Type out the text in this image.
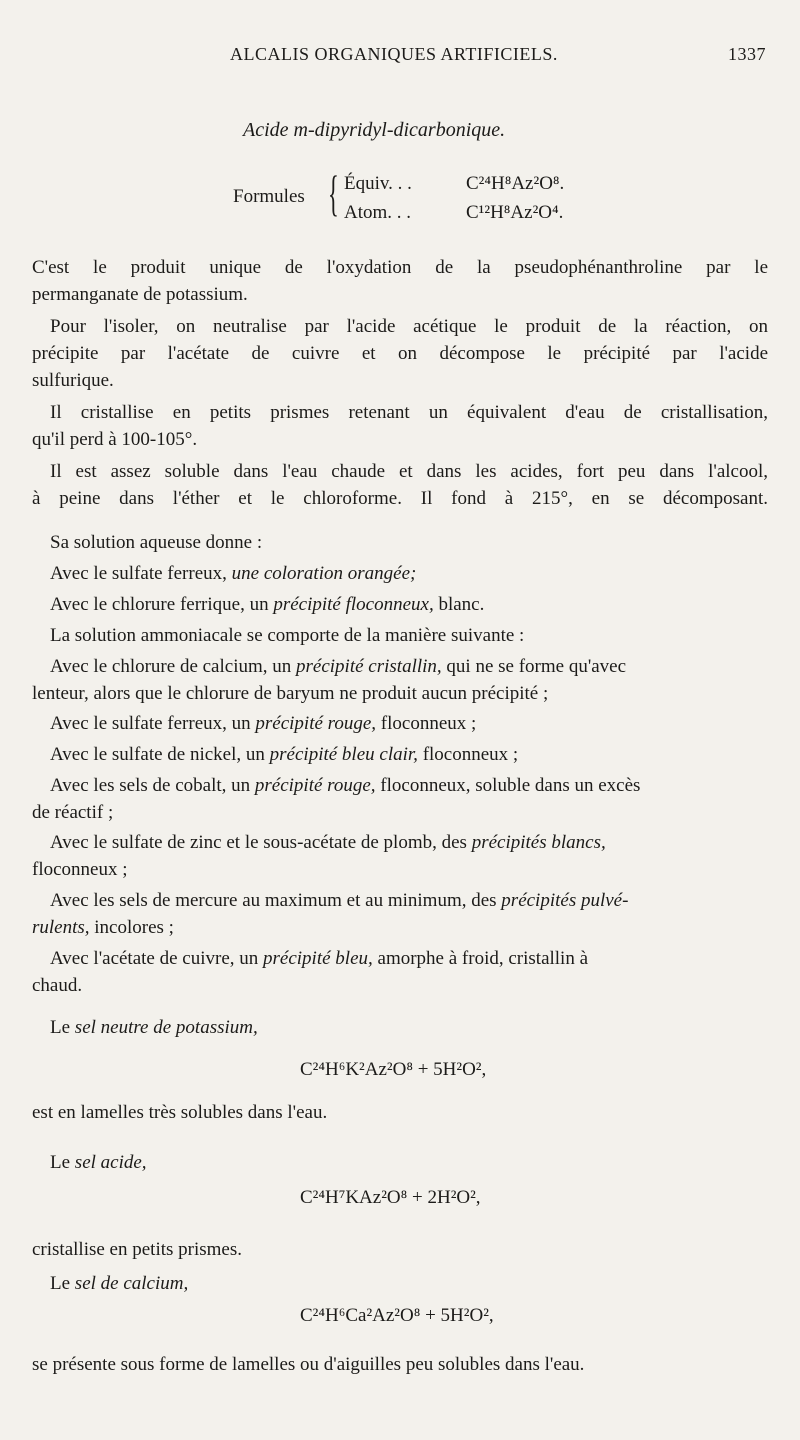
ALCALIS ORGANIQUES ARTIFICIELS.	1337
Acide m-dipyridyl-dicarbonique.
Formules { Équiv. . .	C²⁴H⁸Az²O⁸.
Atom. . .	C¹²H⁸Az²O⁴.
C'est le produit unique de l'oxydation de la pseudophénanthroline par le
permanganate de potassium.
Pour l'isoler, on neutralise par l'acide acétique le produit de la réaction, on
précipite par l'acétate de cuivre et on décompose le précipité par l'acide
sulfurique.
Il cristallise en petits prismes retenant un équivalent d'eau de cristallisation,
qu'il perd à 100-105°.
Il est assez soluble dans l'eau chaude et dans les acides, fort peu dans l'alcool,
à peine dans l'éther et le chloroforme. Il fond à 215°, en se décomposant.
Sa solution aqueuse donne :
Avec le sulfate ferreux, une coloration orangée;
Avec le chlorure ferrique, un précipité floconneux, blanc.
La solution ammoniacale se comporte de la manière suivante :
Avec le chlorure de calcium, un précipité cristallin, qui ne se forme qu'avec
lenteur, alors que le chlorure de baryum ne produit aucun précipité ;
Avec le sulfate ferreux, un précipité rouge, floconneux ;
Avec le sulfate de nickel, un précipité bleu clair, floconneux ;
Avec les sels de cobalt, un précipité rouge, floconneux, soluble dans un excès
de réactif ;
Avec le sulfate de zinc et le sous-acétate de plomb, des précipités blancs,
floconneux ;
Avec les sels de mercure au maximum et au minimum, des précipités pulvé-
rulents, incolores ;
Avec l'acétate de cuivre, un précipité bleu, amorphe à froid, cristallin à
chaud.
Le sel neutre de potassium,
C²⁴H⁶K²Az²O⁸ + 5H²O²,
est en lamelles très solubles dans l'eau.
Le sel acide,
C²⁴H⁷KAz²O⁸ + 2H²O²,
cristallise en petits prismes.
Le sel de calcium,
C²⁴H⁶Ca²Az²O⁸ + 5H²O²,
se présente sous forme de lamelles ou d'aiguilles peu solubles dans l'eau.
